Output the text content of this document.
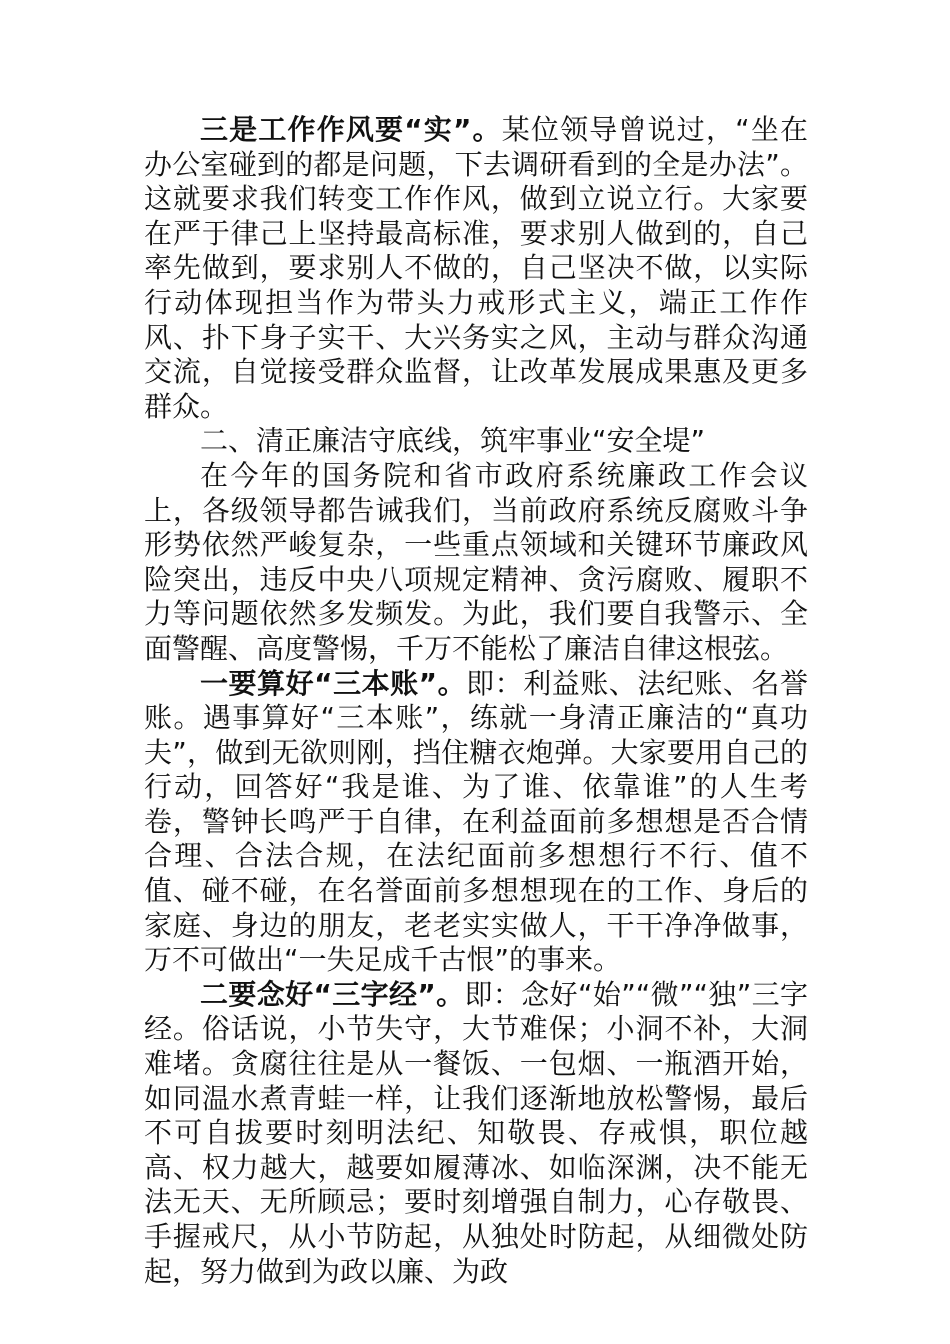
三是工作作风要“实”。某位领导曾说过，“坐在办公室碰到的都是问题，下去调研看到的全是办法”。这就要求我们转变工作作风，做到立说立行。大家要在严于律己上坚持最高标准，要求别人做到的，自己率先做到，要求别人不做的，自己坚决不做，以实际行动体现担当作为带头力戒形式主义，端正工作作风、扑下身子实干、大兴务实之风，主动与群众沟通交流，自觉接受群众监督，让改革发展成果惠及更多群众。

二、清正廉洁守底线，筑牢事业“安全堤”

在今年的国务院和省市政府系统廉政工作会议上，各级领导都告诫我们，当前政府系统反腐败斗争形势依然严峻复杂，一些重点领域和关键环节廉政风险突出，违反中央八项规定精神、贪污腐败、履职不力等问题依然多发频发。为此，我们要自我警示、全面警醒、高度警惕，千万不能松了廉洁自律这根弦。

一要算好“三本账”。即：利益账、法纪账、名誉账。遇事算好“三本账”，练就一身清正廉洁的“真功夫”，做到无欲则刚，挡住糖衣炮弹。大家要用自己的行动，回答好“我是谁、为了谁、依靠谁”的人生考卷，警钟长鸣严于自律，在利益面前多想想是否合情合理、合法合规，在法纪面前多想想行不行、值不值、碰不碰，在名誉面前多想想现在的工作、身后的家庭、身边的朋友，老老实实做人，干干净净做事，万不可做出“一失足成千古恨”的事来。

二要念好“三字经”。即：念好“始”“微”“独”三字经。俗话说，小节失守，大节难保；小洞不补，大洞难堵。贪腐往往是从一餐饭、一包烟、一瓶酒开始，如同温水煮青蛙一样，让我们逐渐地放松警惕，最后不可自拔要时刻明法纪、知敬畏、存戒惧，职位越高、权力越大，越要如履薄冰、如临深渊，决不能无法无天、无所顾忌；要时刻增强自制力，心存敬畏、手握戒尺，从小节防起，从独处时防起，从细微处防起，努力做到为政以廉、为政
